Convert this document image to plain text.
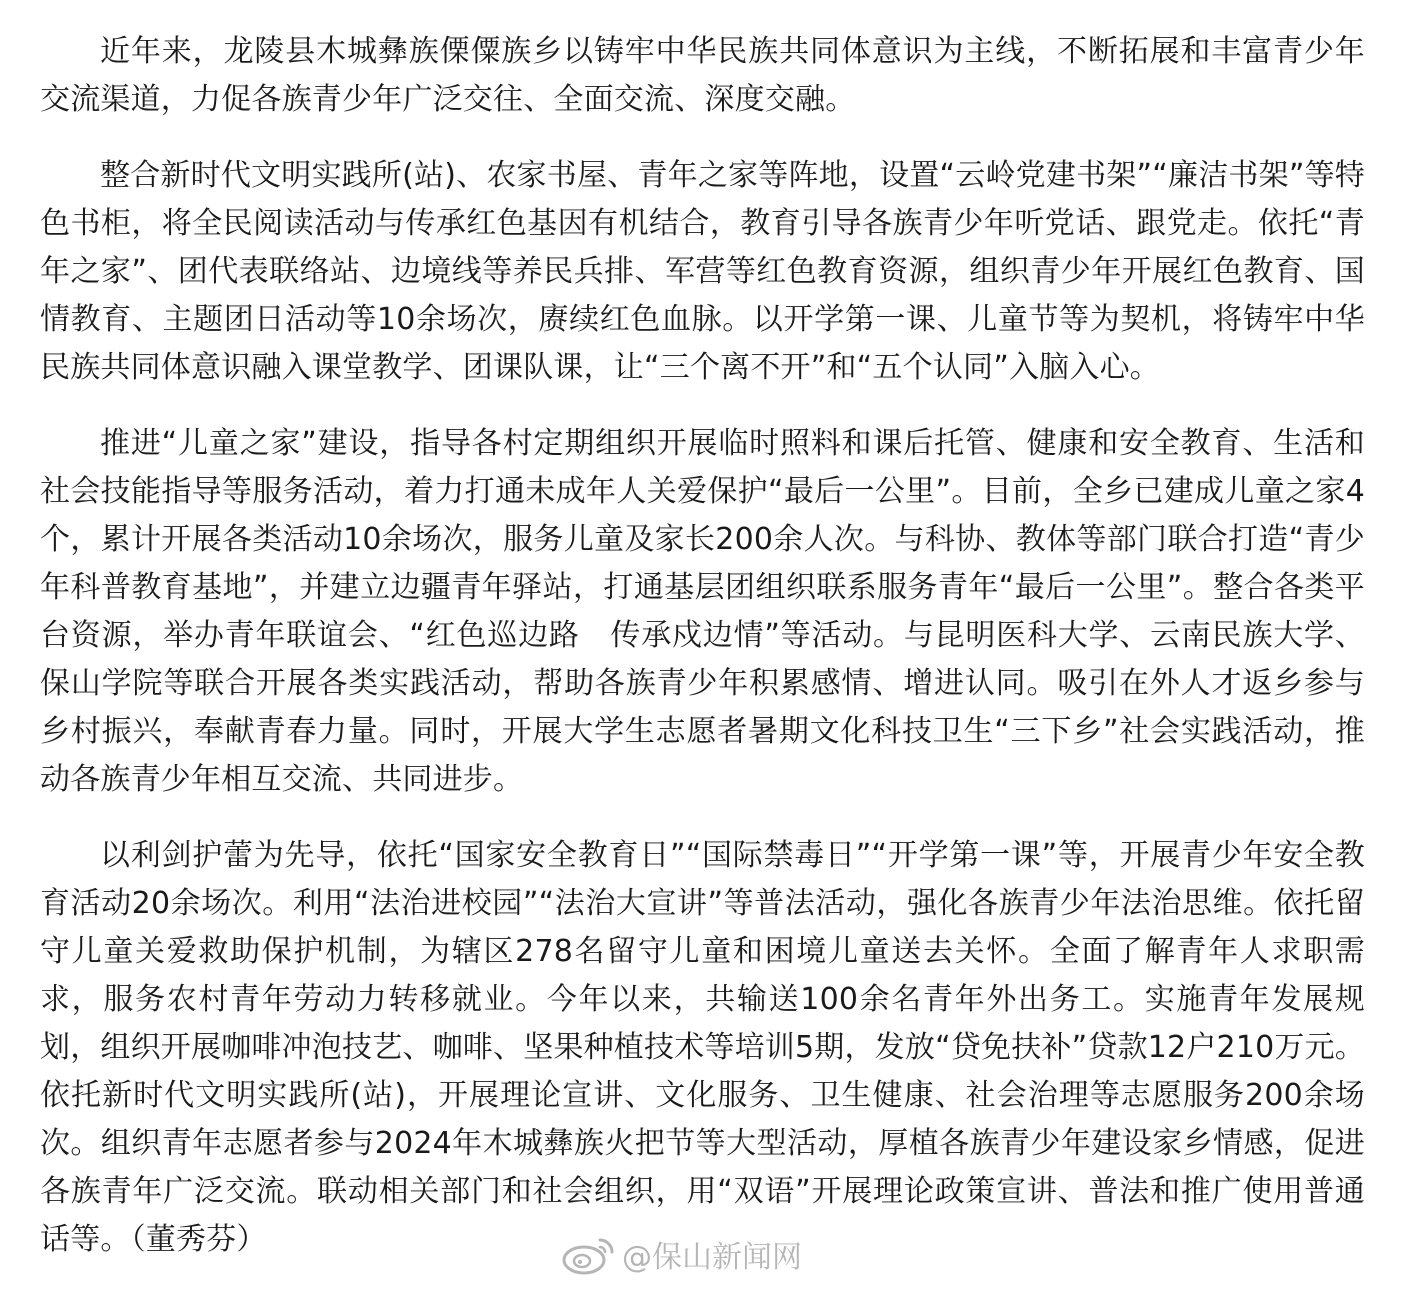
近年来，龙陵县木城彝族傈僳族乡以铸牢中华民族共同体意识为主线，不断拓展和丰富青少年交流渠道，力促各族青少年广泛交往、全面交流、深度交融。

整合新时代文明实践所(站)、农家书屋、青年之家等阵地，设置“云岭党建书架”“廉洁书架”等特色书柜，将全民阅读活动与传承红色基因有机结合，教育引导各族青少年听党话、跟党走。依托“青年之家”、团代表联络站、边境线等养民兵排、军营等红色教育资源，组织青少年开展红色教育、国情教育、主题团日活动等10余场次，赓续红色血脉。以开学第一课、儿童节等为契机，将铸牢中华民族共同体意识融入课堂教学、团课队课，让“三个离不开”和“五个认同”入脑入心。

推进“儿童之家”建设，指导各村定期组织开展临时照料和课后托管、健康和安全教育、生活和社会技能指导等服务活动，着力打通未成年人关爱保护“最后一公里”。目前，全乡已建成儿童之家4个，累计开展各类活动10余场次，服务儿童及家长200余人次。与科协、教体等部门联合打造“青少年科普教育基地”，并建立边疆青年驿站，打通基层团组织联系服务青年“最后一公里”。整合各类平台资源，举办青年联谊会、“红色巡边路　传承戍边情”等活动。与昆明医科大学、云南民族大学、保山学院等联合开展各类实践活动，帮助各族青少年积累感情、增进认同。吸引在外人才返乡参与乡村振兴，奉献青春力量。同时，开展大学生志愿者暑期文化科技卫生“三下乡”社会实践活动，推动各族青少年相互交流、共同进步。

以利剑护蕾为先导，依托“国家安全教育日”“国际禁毒日”“开学第一课”等，开展青少年安全教育活动20余场次。利用“法治进校园”“法治大宣讲”等普法活动，强化各族青少年法治思维。依托留守儿童关爱救助保护机制，为辖区278名留守儿童和困境儿童送去关怀。全面了解青年人求职需求，服务农村青年劳动力转移就业。今年以来，共输送100余名青年外出务工。实施青年发展规划，组织开展咖啡冲泡技艺、咖啡、坚果种植技术等培训5期，发放“贷免扶补”贷款12户210万元。依托新时代文明实践所(站)，开展理论宣讲、文化服务、卫生健康、社会治理等志愿服务200余场次。组织青年志愿者参与2024年木城彝族火把节等大型活动，厚植各族青少年建设家乡情感，促进各族青年广泛交流。联动相关部门和社会组织，用“双语”开展理论政策宣讲、普法和推广使用普通话等。（董秀芬）

@保山新闻网
